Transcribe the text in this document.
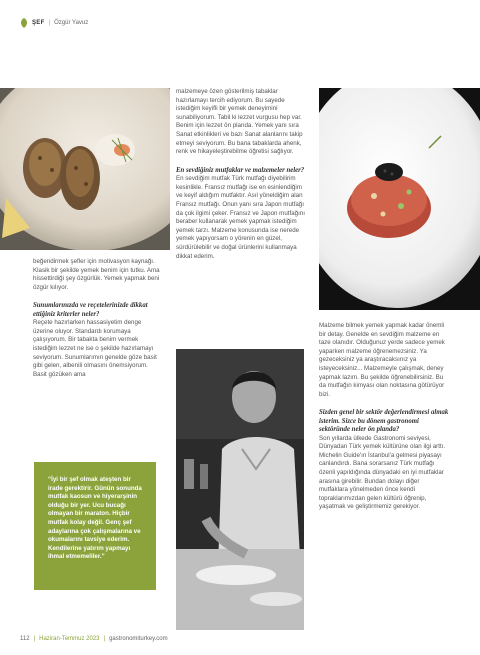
ŞEF | Özgür Yavuz

beğendirmek şefler için motivasyon kaynağı. Klasik bir şekilde yemek benim için tutku. Ama hissettirdiği şey özgürlük. Yemek yapmak beni özgür kılıyor.

Sunumlarınızda ve reçetelerinizde dikkat ettiğiniz kriterler neler?

Reçete hazırlarken hassasiyetim denge üzerine oluyor. Standardı korumaya çalışıyorum. Bir tabakta benim vermek istediğim lezzet ne ise o şekilde hazırlamayı seviyorum. Sunumlarımın genelde göze basit gibi gelen, albenili olmasını önemsiyorum. Basit gözüken ama

“İyi bir şef olmak ateşten bir irade gerektirir. Günün sonunda mutfak kaosun ve hiyerarşinin olduğu bir yer. Ucu bucağı olmayan bir maraton. Hiçbir mutfak kolay değil. Genç şef adaylarına çok çalışmalarına ve okumalarını tavsiye ederim. Kendilerine yatırım yapmayı ihmal etmemeliler.”

malzemeye özen gösterilmiş tabaklar hazırlamayı tercih ediyorum. Bu sayede istediğim keyifli bir yemek deneyimini sunabiliyorum. Tabil ki lezzet vurgusu hep var. Benim için lezzet ön planda. Yemek yanı sıra Sanat etkinlikleri ve bazı Sanat alanlarını takip etmeyi seviyorum. Bu bana tabaklarda ahenk, renk ve hikayeleştirebilme öğretisi sağlıyor.

En sevdiğiniz mutfaklar ve malzemeler neler?

En sevdiğim mutfak Türk mutfağı diyebilirim kesinlikle. Fransız mutfağı ise en esinlendiğim ve keyif aldığım mutfaktır. Asıl yöneldiğim alan Fransız mutfağı. Onun yanı sıra Japon mutfağı da çok ilgimi çeker. Fransız ve Japon mutfağını beraber kullanarak yemek yapmak istediğim yemek tarzı. Malzeme konusunda ise nerede yemek yapıyorsam o yörenin en güzel, sürdürülebilir ve doğal ürünlerini kullanmaya dikkat ederim.

Malzeme bilmek yemek yapmak kadar önemli bir detay. Genelde en sevdiğim malzeme en taze olanıdır. Olduğunuz yerde sadece yemek yaparken malzeme öğrenemezsiniz. Ya gezeceksiniz ya araştıracaksınız ya isteyeceksiniz... Malzemeyle çalışmak, deney yapmak lazım. Bu şekilde öğrenebilirsiniz. Bu da mutfağın kimyası olan noktasına götürüyor bizi.

Sizden genel bir sektör değerlendirmesi almak isterim. Sizce bu dönem gastronomi sektöründe neler ön planda?

Son yıllarda ülkede Gastronomi seviyesi, Dünyadan Türk yemek kültürüne olan ilgi arttı. Michelin Guide'ın İstanbul'a gelmesi piyasayı canlandırdı. Bana sorarsanız Türk mutfağı özenli yapıldığında dünyadaki en iyi mutfaklar arasına girebilir. Bundan dolayı diğer mutfaklara yönelmeden önce kendi topraklarımızdan gelen kültürü öğrenip, yaşatmak ve geliştirmemiz gerekiyor.

112 | Haziran-Temmuz 2023 | gastronomiturkey.com
